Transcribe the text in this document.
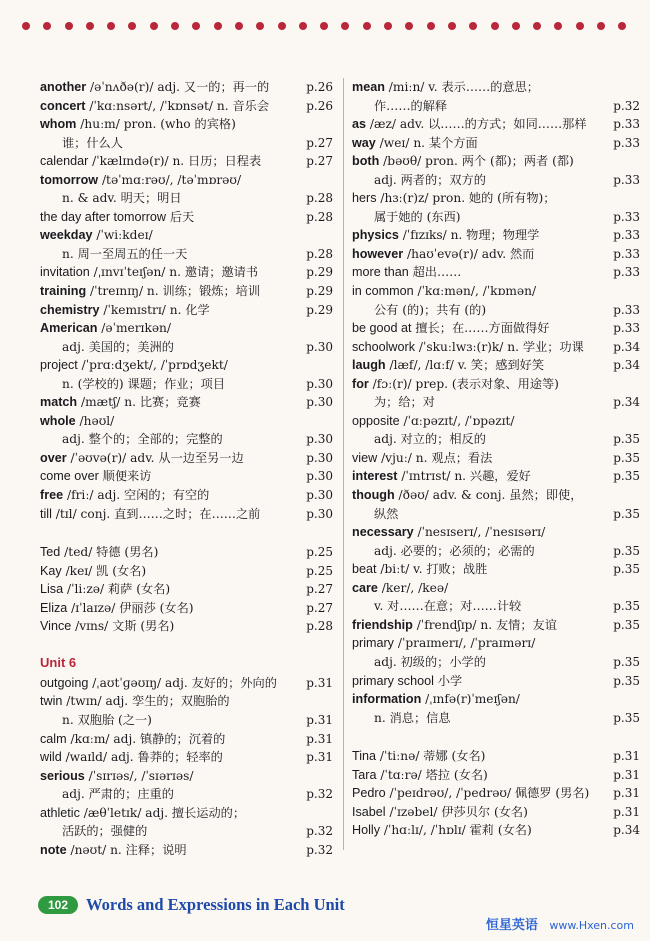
another /əˈnʌðə(r)/ adj. 又一的；再一的	p.26
concert /ˈkɑːnsərt/, /ˈkɒnsət/ n. 音乐会	p.26
whom /huːm/ pron. (who 的宾格)
谁；什么人	p.27
calendar /ˈkælɪndə(r)/ n. 日历；日程表	p.27
tomorrow /təˈmɑːrəʊ/, /təˈmɒrəʊ/
n. & adv. 明天；明日	p.28
the day after tomorrow 后天	p.28
weekday /ˈwiːkdeɪ/
n. 周一至周五的任一天	p.28
invitation /ˌɪnvɪˈteɪʃən/ n. 邀请；邀请书	p.29
training /ˈtreɪnɪŋ/ n. 训练；锻炼；培训	p.29
chemistry /ˈkemɪstrɪ/ n. 化学	p.29
American /əˈmerɪkən/
adj. 美国的；美洲的	p.30
project /ˈprɑːdʒekt/, /ˈprɒdʒekt/
n. (学校的) 课题；作业；项目	p.30
match /mætʃ/ n. 比赛；竞赛	p.30
whole /həʊl/
adj. 整个的；全部的；完整的	p.30
over /ˈəʊvə(r)/ adv. 从一边至另一边	p.30
come over 顺便来访	p.30
free /friː/ adj. 空闲的；有空的	p.30
till /tɪl/ conj. 直到……之时；在……之前	p.30
Ted /ted/ 特德 (男名)	p.25
Kay /keɪ/ 凯 (女名)	p.25
Lisa /ˈliːzə/ 莉萨 (女名)	p.27
Eliza /ɪˈlaɪzə/ 伊丽莎 (女名)	p.27
Vince /vɪns/ 文斯 (男名)	p.28
Unit 6
outgoing /ˌaʊtˈɡəʊɪŋ/ adj. 友好的；外向的 p.31
twin /twɪn/ adj. 孪生的；双胞胎的
n. 双胞胎 (之一)	p.31
calm /kɑːm/ adj. 镇静的；沉着的	p.31
wild /waɪld/ adj. 鲁莽的；轻率的	p.31
serious /ˈsɪrɪəs/, /ˈsɪərɪəs/
adj. 严肃的；庄重的	p.32
athletic /æθˈletɪk/ adj. 擅长运动的；
活跃的；强健的	p.32
note /nəʊt/ n. 注释；说明	p.32
mean /miːn/ v. 表示……的意思；
作……的解释	p.32
as /æz/ adv. 以……的方式；如同……那样 p.33
way /weɪ/ n. 某个方面	p.33
both /bəʊθ/ pron. 两个 (都)；两者 (都)
adj. 两者的；双方的	p.33
hers /hɜː(r)z/ pron. 她的 (所有物)；
属于她的 (东西)	p.33
physics /ˈfɪzɪks/ n. 物理；物理学	p.33
however /haʊˈevə(r)/ adv. 然而	p.33
more than 超出……	p.33
in common /ˈkɑːmən/, /ˈkɒmən/
公有 (的)；共有 (的)	p.33
be good at 擅长；在……方面做得好	p.33
schoolwork /ˈskuːlwɜː(r)k/ n. 学业；功课 p.34
laugh /læf/, /lɑːf/ v. 笑；感到好笑	p.34
for /fɔː(r)/ prep. (表示对象、用途等)
为；给；对	p.34
opposite /ˈɑːpəzɪt/, /ˈɒpəzɪt/
adj. 对立的；相反的	p.35
view /vjuː/ n. 观点；看法	p.35
interest /ˈɪntrɪst/ n. 兴趣，爱好	p.35
though /ðəʊ/ adv. & conj. 虽然；即使，
纵然	p.35
necessary /ˈnesɪserɪ/, /ˈnesɪsərɪ/
adj. 必要的；必须的；必需的	p.35
beat /biːt/ v. 打败；战胜	p.35
care /ker/, /keə/
v. 对……在意；对……计较	p.35
friendship /ˈfrendʃɪp/ n. 友情；友谊	p.35
primary /ˈpraɪmerɪ/, /ˈpraɪmərɪ/
adj. 初级的；小学的	p.35
primary school 小学	p.35
information /ˌɪnfə(r)ˈmeɪʃən/
n. 消息；信息	p.35
Tina /ˈtiːnə/ 蒂娜 (女名)	p.31
Tara /ˈtɑːrə/ 塔拉 (女名)	p.31
Pedro /ˈpeɪdrəʊ/, /ˈpedrəʊ/ 佩德罗 (男名) p.31
Isabel /ˈɪzəbel/ 伊莎贝尔 (女名)	p.31
Holly /ˈhɑːlɪ/, /ˈhɒlɪ/ 霍莉 (女名)	p.34
102	Words and Expressions in Each Unit
恒星英语 www.Hxen.com
